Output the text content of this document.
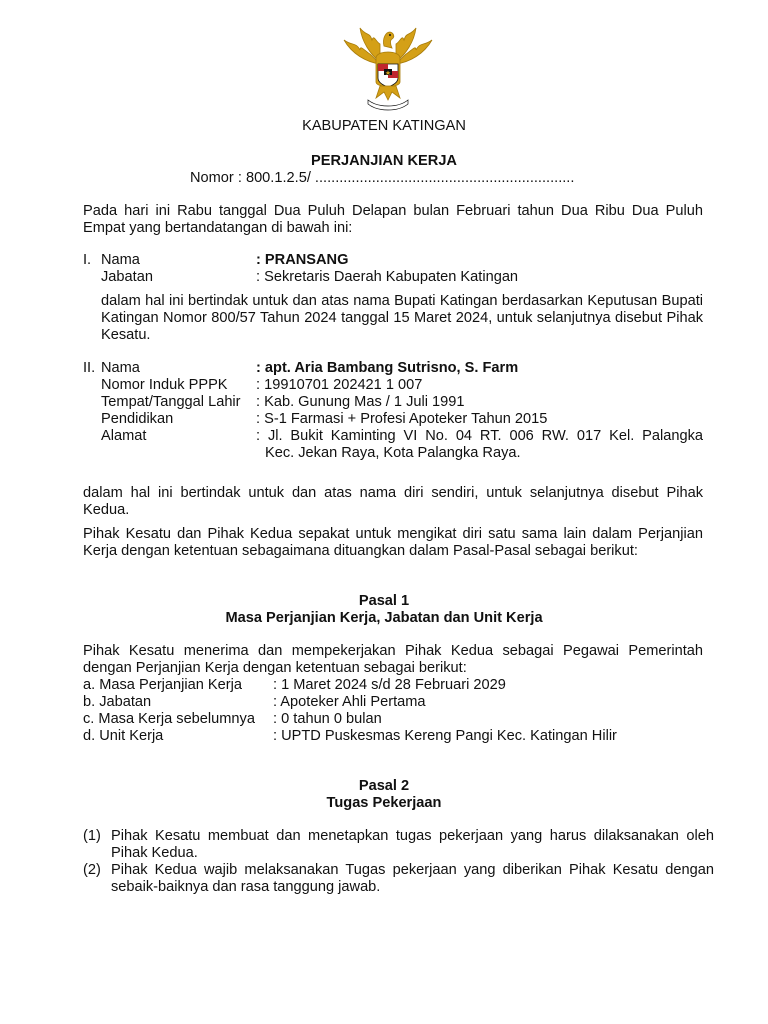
KABUPATEN KATINGAN
PERJANJIAN KERJA
Nomor : 800.1.2.5/ ................................................................
Pada hari ini Rabu tanggal Dua Puluh Delapan bulan Februari tahun Dua Ribu Dua Puluh Empat yang bertandatangan di bawah ini:
I. Nama	: PRANSANG
Jabatan	: Sekretaris Daerah Kabupaten Katingan
dalam hal ini bertindak untuk dan atas nama Bupati Katingan berdasarkan Keputusan Bupati Katingan Nomor 800/57 Tahun 2024 tanggal 15 Maret 2024, untuk selanjutnya disebut Pihak Kesatu.
II. Nama	: apt. Aria Bambang Sutrisno, S. Farm
Nomor Induk PPPK : 19910701 202421 1 007
Tempat/Tanggal Lahir : Kab. Gunung Mas / 1 Juli 1991
Pendidikan	: S-1 Farmasi + Profesi Apoteker Tahun 2015
Alamat	: Jl. Bukit Kaminting VI No. 04 RT. 006 RW. 017 Kel. Palangka
Kec. Jekan Raya, Kota Palangka Raya.
dalam hal ini bertindak untuk dan atas nama diri sendiri, untuk selanjutnya disebut Pihak Kedua.
Pihak Kesatu dan Pihak Kedua sepakat untuk mengikat diri satu sama lain dalam Perjanjian Kerja dengan ketentuan sebagaimana dituangkan dalam Pasal-Pasal sebagai berikut:
Pasal 1
Masa Perjanjian Kerja, Jabatan dan Unit Kerja
Pihak Kesatu menerima dan mempekerjakan Pihak Kedua sebagai Pegawai Pemerintah dengan Perjanjian Kerja dengan ketentuan sebagai berikut:
a. Masa Perjanjian Kerja : 1 Maret 2024 s/d 28 Februari 2029
b. Jabatan	: Apoteker Ahli Pertama
c. Masa Kerja sebelumnya : 0 tahun 0 bulan
d. Unit Kerja	: UPTD Puskesmas Kereng Pangi Kec. Katingan Hilir
Pasal 2
Tugas Pekerjaan
(1) Pihak Kesatu membuat dan menetapkan tugas pekerjaan yang harus dilaksanakan oleh Pihak Kedua.
(2) Pihak Kedua wajib melaksanakan Tugas pekerjaan yang diberikan Pihak Kesatu dengan sebaik-baiknya dan rasa tanggung jawab.
